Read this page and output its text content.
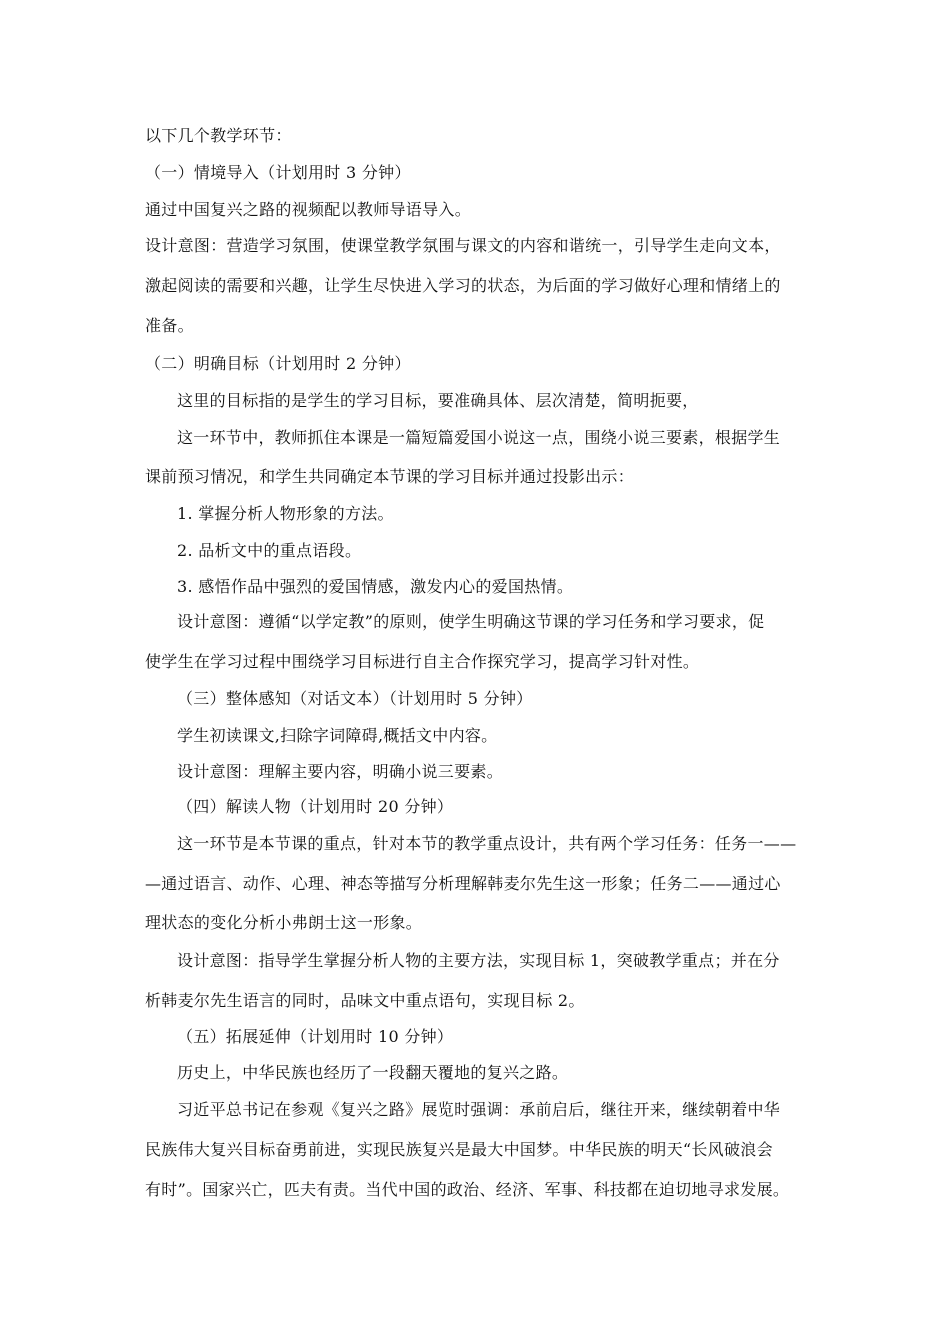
以下几个教学环节：
（一）情境导入（计划用时 3 分钟）
通过中国复兴之路的视频配以教师导语导入。
设计意图：营造学习氛围，使课堂教学氛围与课文的内容和谐统一，引导学生走向文本，
激起阅读的需要和兴趣，让学生尽快进入学习的状态，为后面的学习做好心理和情绪上的
准备。
（二）明确目标（计划用时 2 分钟）
这里的目标指的是学生的学习目标，要准确具体、层次清楚，简明扼要，
这一环节中，教师抓住本课是一篇短篇爱国小说这一点，围绕小说三要素，根据学生
课前预习情况，和学生共同确定本节课的学习目标并通过投影出示：
1. 掌握分析人物形象的方法。
2. 品析文中的重点语段。
3. 感悟作品中强烈的爱国情感，激发内心的爱国热情。
设计意图：遵循“以学定教”的原则，使学生明确这节课的学习任务和学习要求，促
使学生在学习过程中围绕学习目标进行自主合作探究学习，提高学习针对性。
（三）整体感知（对话文本）（计划用时 5 分钟）
学生初读课文,扫除字词障碍,概括文中内容。
设计意图：理解主要内容，明确小说三要素。
（四）解读人物（计划用时 20 分钟）
这一环节是本节课的重点，针对本节的教学重点设计，共有两个学习任务：任务一——
—通过语言、动作、心理、神态等描写分析理解韩麦尔先生这一形象；任务二——通过心
理状态的变化分析小弗朗士这一形象。
设计意图：指导学生掌握分析人物的主要方法，实现目标 1，突破教学重点；并在分
析韩麦尔先生语言的同时，品味文中重点语句，实现目标 2。
（五）拓展延伸（计划用时 10 分钟）
历史上，中华民族也经历了一段翻天覆地的复兴之路。
习近平总书记在参观《复兴之路》展览时强调：承前启后，继往开来，继续朝着中华
民族伟大复兴目标奋勇前进，实现民族复兴是最大中国梦。中华民族的明天“长风破浪会
有时”。国家兴亡，匹夫有责。当代中国的政治、经济、军事、科技都在迫切地寻求发展。
